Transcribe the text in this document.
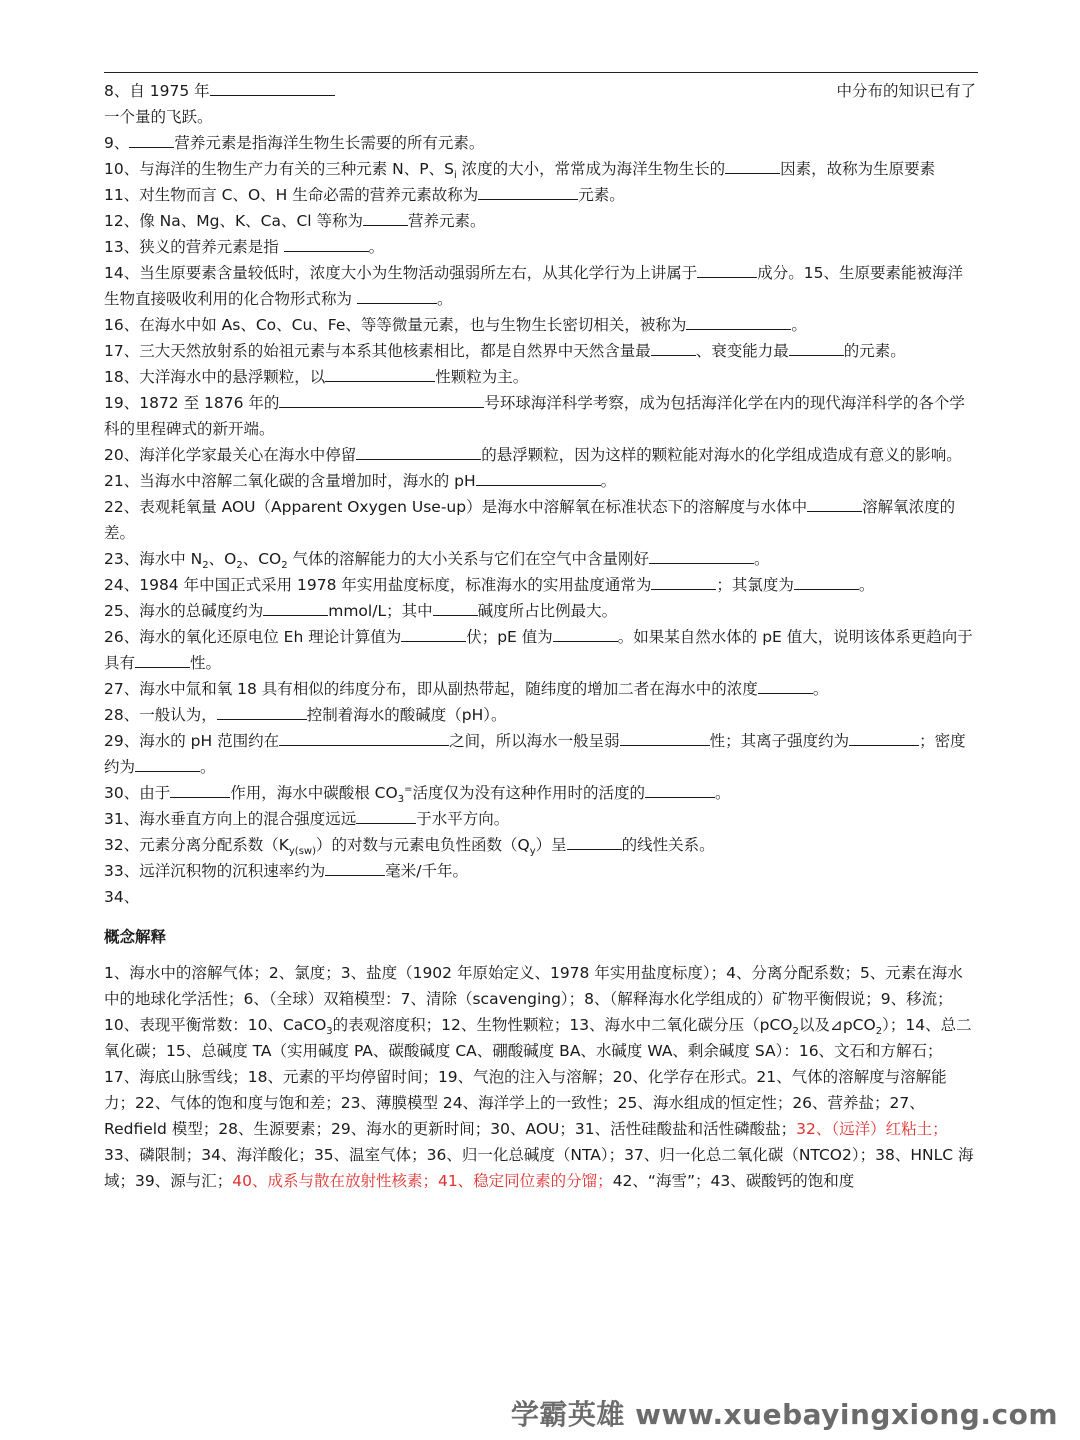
8、自 1975 年	中分布的知识已有了

一个量的飞跃。

9、	营养元素是指海洋生物生长需要的所有元素。

10、与海洋的生物生产力有关的三种元素 N、P、$S_i$ 浓度的大小，常常成为海洋生物生长的	因素，故称为生原要素

11、对生物而言 C、O、H 生命必需的营养元素故称为	元素。

12、像 Na、Mg、K、Ca、Cl 等称为	营养元素。

13、狭义的营养元素是指	。

14、当生原要素含量较低时，浓度大小为生物活动强弱所左右，从其化学行为上讲属于	成分。15、生原要素能被海洋生物直接吸收利用的化合物形式称为	。

16、在海水中如 As、Co、Cu、Fe、等等微量元素，也与生物生长密切相关，被称为	。

17、三大天然放射系的始祖元素与本系其他核素相比，都是自然界中天然含量最	、衰变能力最	的元素。

18、大洋海水中的悬浮颗粒，以	性颗粒为主。

19、1872 至 1876 年的	号环球海洋科学考察，成为包括海洋化学在内的现代海洋科学的各个学科的里程碑式的新开端。

20、海洋化学家最关心在海水中停留	的悬浮颗粒，因为这样的颗粒能对海水的化学组成造成有意义的影响。

21、当海水中溶解二氧化碳的含量增加时，海水的 pH	。

22、表观耗氧量 AOU（Apparent Oxygen Use-up）是海水中溶解氧在标准状态下的溶解度与水体中	溶解氧浓度的差。

23、海水中 $N_2$、$O_2$、$CO_2$ 气体的溶解能力的大小关系与它们在空气中含量刚好	。

24、1984 年中国正式采用 1978 年实用盐度标度，标准海水的实用盐度通常为	；其氯度为	。

25、海水的总碱度约为	mmol/L；其中	碱度所占比例最大。

26、海水的氧化还原电位 Eh 理论计算值为	伏；pE 值为	。如果某自然水体的 pE 值大，说明该体系更趋向于具有	性。

27、海水中氚和氧 18 具有相似的纬度分布，即从副热带起，随纬度的增加二者在海水中的浓度	。

28、一般认为，	控制着海水的酸碱度（pH）。

29、海水的 pH 范围约在	之间，所以海水一般呈弱	性；其离子强度约为	；密度约为	。

30、由于	作用，海水中碳酸根 $CO_3^=$活度仅为没有这种作用时的活度的	。

31、海水垂直方向上的混合强度远远	于水平方向。

32、元素分离分配系数$(K_{y(sw)})$的对数与元素电负性函数$(Q_y)$呈	的线性关系。

33、远洋沉积物的沉积速率约为	毫米/千年。

34、

概念解释

1、海水中的溶解气体；2、氯度；3、盐度（1902 年原始定义、1978 年实用盐度标度）；4、分离分配系数；5、元素在海水中的地球化学活性；6、（全球）双箱模型：7、清除（scavenging）；8、（解释海水化学组成的）矿物平衡假说；9、移流；10、表现平衡常数：10、CaCO$_3$的表观溶度积；12、生物性颗粒；13、海水中二氧化碳分压（pCO$_2$以及⊿pCO$_2$）；14、总二氧化碳；15、总碱度 TA（实用碱度 PA、碳酸碱度 CA、硼酸碱度 BA、水碱度 WA、剩余碱度 SA）：16、文石和方解石；17、海底山脉雪线；18、元素的平均停留时间；19、气泡的注入与溶解；20、化学存在形式。21、气体的溶解度与溶解能力；22、气体的饱和度与饱和差；23、薄膜模型 24、海洋学上的一致性；25、海水组成的恒定性；26、营养盐；27、Redfield 模型；28、生源要素；29、海水的更新时间；30、AOU；31、活性硅酸盐和活性磷酸盐；32、（远洋）红粘土；33、磷限制；34、海洋酸化；35、温室气体；36、归一化总碱度（NTA）；37、归一化总二氧化碳（NTCO2）；38、HNLC 海域；39、源与汇；40、成系与散在放射性核素；41、稳定同位素的分馏；42、“海雪”；43、碳酸钙的饱和度

学霸英雄 www.xuebayingxiong.com
